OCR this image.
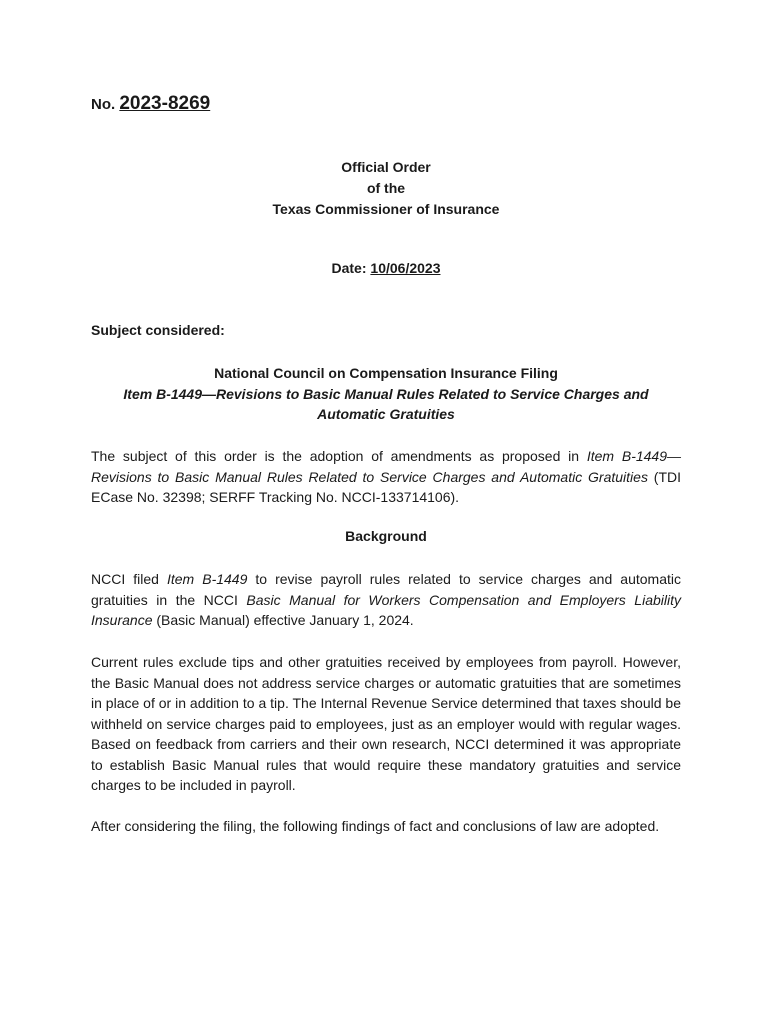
No. 2023-8269
Official Order
of the
Texas Commissioner of Insurance
Date: 10/06/2023
Subject considered:
National Council on Compensation Insurance Filing
Item B-1449—Revisions to Basic Manual Rules Related to Service Charges and
Automatic Gratuities
The subject of this order is the adoption of amendments as proposed in Item B-1449—Revisions to Basic Manual Rules Related to Service Charges and Automatic Gratuities (TDI ECase No. 32398; SERFF Tracking No. NCCI-133714106).
Background
NCCI filed Item B-1449 to revise payroll rules related to service charges and automatic gratuities in the NCCI Basic Manual for Workers Compensation and Employers Liability Insurance (Basic Manual) effective January 1, 2024.
Current rules exclude tips and other gratuities received by employees from payroll. However, the Basic Manual does not address service charges or automatic gratuities that are sometimes in place of or in addition to a tip. The Internal Revenue Service determined that taxes should be withheld on service charges paid to employees, just as an employer would with regular wages. Based on feedback from carriers and their own research, NCCI determined it was appropriate to establish Basic Manual rules that would require these mandatory gratuities and service charges to be included in payroll.
After considering the filing, the following findings of fact and conclusions of law are adopted.
